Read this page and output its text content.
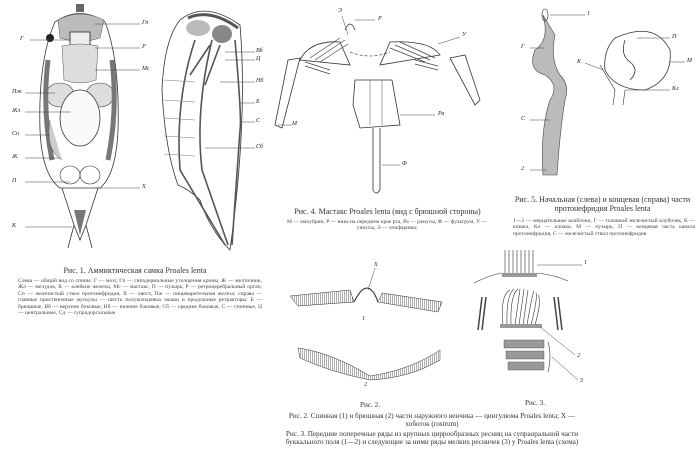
Г
Гп
Р
Мс
Пж
Жл
Сп
Ж
П
Х
К
Вб
Ц
Нб
Б
С
Сб
Рис. 1. Аммиктическая самка Proales lenta
Слева — общий вид со спины: Г — мозг, Гп — гиподермальные утолщения кроны, Ж — желточник, Жл — желудок, К — клейкие железы, Мс — мастакс, П — пузырь, Р — ретроцеребральный орган, Сп — железистый ствол протонефридия, Х — хвост, Пж — пищеварительная железа; справа — главные пристеночные мускулы — шесть полукольцевых мышц и продольные ретракторы: Б — брюшные, Вб — верхние боковые, Нб — нижние боковые, Сб — средние боковые, С — спинные, Ц — центральные, Сд — супрадорсальные
Э
Р
У
М
Ра
Ф
Рис. 4. Мастакс Proales lenta (вид с брюшной стороны)
М — мanубрии, Р — вика на переднем крае рта, Ра — рамусы, Ф — фульгрум, У — ункусы, Э — эпифаринкс
1
Г
К
П
М
Кл
С
2
Рис. 5. Начальная (слева) и концевая (справа) части протонефридия Proales lenta
1—2 — мерцательные колбочки, Г — головной железистый клубочек, К — кишка, Кл — клоака, М — пузырь, П — концевая часть канала протонефридия, С — железистый ствол протонефридия
Х
1
2
Рис. 2.
1
2
3
Рис. 3.
Рис. 2. Спинная (1) и брюшная (2) части наружного венчика — цингулюма Proales lenta; Х — хоботок (rostrum)
Рис. 3. Передние поперечные ряды из крупных циррообразных ресниц на супраоральной части буккального поля (1—2) и следующие за ними ряды мелких ресничек (3) у Proales lenta (схема)
